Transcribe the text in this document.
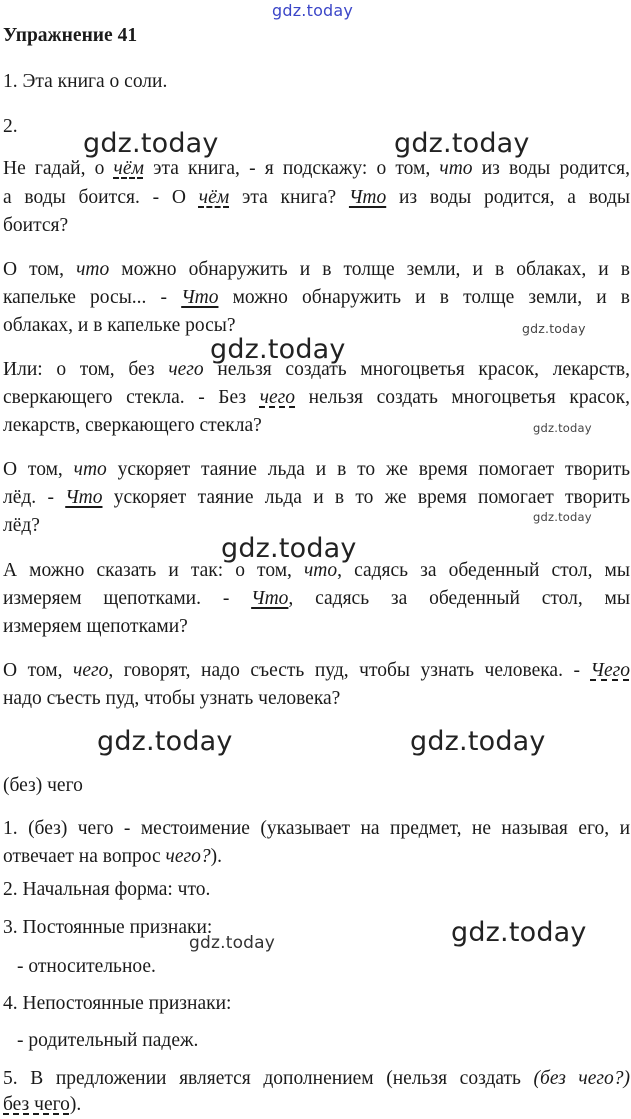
gdz.today
gdz.today	gdz.today
gdz.today
gdz.today
gdz.today
gdz.today
gdz.today
gdz.today	gdz.today
gdz.today	gdz.today
Упражнение 41
1. Эта книга о соли.
2.
Не гадай, о чём эта книга, - я подскажу: о том, что из воды родится,
а воды боится. - О чём эта книга? Что из воды родится, а воды
боится?
О том, что можно обнаружить и в толще земли, и в облаках, и в
капельке росы... - Что можно обнаружить и в толще земли, и в
облаках, и в капельке росы?
Или: о том, без чего нельзя создать многоцветья красок, лекарств,
сверкающего стекла. - Без чего нельзя создать многоцветья красок,
лекарств, сверкающего стекла?
О том, что ускоряет таяние льда и в то же время помогает творить
лёд. - Что ускоряет таяние льда и в то же время помогает творить
лёд?
А можно сказать и так: о том, что, садясь за обеденный стол, мы
измеряем щепотками. - Что, садясь за обеденный стол, мы
измеряем щепотками?
О том, чего, говорят, надо съесть пуд, чтобы узнать человека. - Чего
надо съесть пуд, чтобы узнать человека?
(без) чего
1. (без) чего - местоимение (указывает на предмет, не называя его, и
отвечает на вопрос чего?).
2. Начальная форма: что.
3. Постоянные признаки:
- относительное.
4. Непостоянные признаки:
- родительный падеж.
5. В предложении является дополнением (нельзя создать (без чего?)
без чего).
